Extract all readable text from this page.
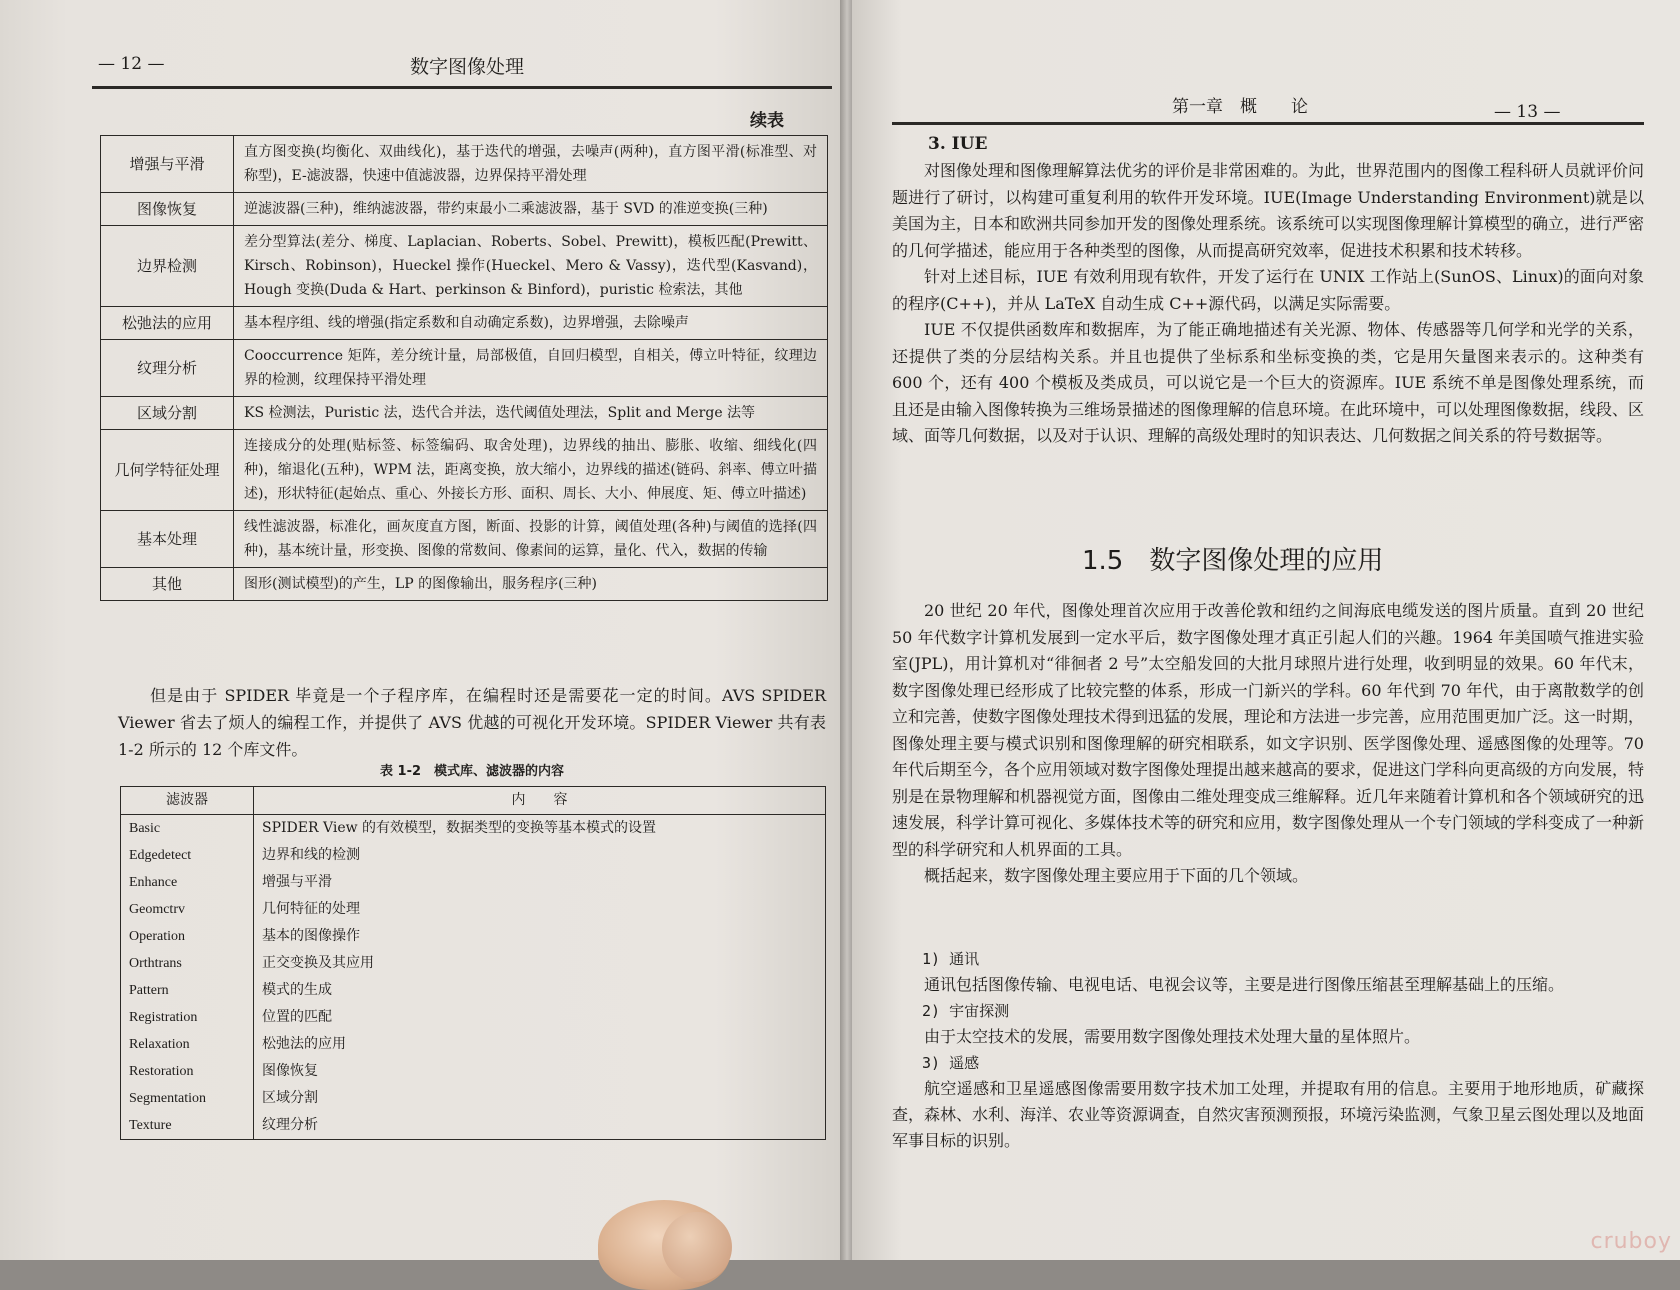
— 12 —	数字图像处理
续表
增强与平滑	直方图变换(均衡化、双曲线化)，基于迭代的增强，去噪声(两种)，直方图平滑(标准型、对称型)，E-滤波器，快速中值滤波器，边界保持平滑处理
图像恢复	逆滤波器(三种)，维纳滤波器，带约束最小二乘滤波器，基于 SVD 的准逆变换(三种)
边界检测	差分型算法(差分、梯度、Laplacian、Roberts、Sobel、Prewitt)，模板匹配(Prewitt、Kirsch、Robinson)，Hueckel 操作(Hueckel、Mero & Vassy)，迭代型(Kasvand)，Hough 变换(Duda & Hart、perkinson & Binford)，puristic 检索法，其他
松弛法的应用	基本程序组、线的增强(指定系数和自动确定系数)，边界增强，去除噪声
纹理分析	Cooccurrence 矩阵，差分统计量，局部极值，自回归模型，自相关，傅立叶特征，纹理边界的检测，纹理保持平滑处理
区域分割	KS 检测法，Puristic 法，迭代合并法，迭代阈值处理法，Split and Merge 法等
几何学特征处理	连接成分的处理(贴标签、标签编码、取舍处理)，边界线的抽出、膨胀、收缩、细线化(四种)，缩退化(五种)，WPM 法，距离变换，放大缩小，边界线的描述(链码、斜率、傅立叶描述)，形状特征(起始点、重心、外接长方形、面积、周长、大小、伸展度、矩、傅立叶描述)
基本处理	线性滤波器，标准化，画灰度直方图，断面、投影的计算，阈值处理(各种)与阈值的选择(四种)，基本统计量，形变换、图像的常数间、像素间的运算，量化、代入，数据的传输
其他	图形(测试模型)的产生，LP 的图像输出，服务程序(三种)

但是由于 SPIDER 毕竟是一个子程序库，在编程时还是需要花一定的时间。AVS SPIDER Viewer 省去了烦人的编程工作，并提供了 AVS 优越的可视化开发环境。SPIDER Viewer 共有表 1-2 所示的 12 个库文件。

表 1-2　模式库、滤波器的内容
滤波器	内　　容
Basic	SPIDER View 的有效模型，数据类型的变换等基本模式的设置
Edgedetect	边界和线的检测
Enhance	增强与平滑
Geomctrv	几何特征的处理
Operation	基本的图像操作
Orthtrans	正交变换及其应用
Pattern	模式的生成
Registration	位置的匹配
Relaxation	松弛法的应用
Restoration	图像恢复
Segmentation	区域分割
Texture	纹理分析
第一章　概　　论	— 13 —
3. IUE

对图像处理和图像理解算法优劣的评价是非常困难的。为此，世界范围内的图像工程科研人员就评价问题进行了研讨，以构建可重复利用的软件开发环境。IUE(Image Understanding Environment)就是以美国为主，日本和欧洲共同参加开发的图像处理系统。该系统可以实现图像理解计算模型的确立，进行严密的几何学描述，能应用于各种类型的图像，从而提高研究效率，促进技术积累和技术转移。

针对上述目标，IUE 有效利用现有软件，开发了运行在 UNIX 工作站上(SunOS、Linux)的面向对象的程序(C++)，并从 LaTeX 自动生成 C++源代码，以满足实际需要。

IUE 不仅提供函数库和数据库，为了能正确地描述有关光源、物体、传感器等几何学和光学的关系，还提供了类的分层结构关系。并且也提供了坐标系和坐标变换的类，它是用矢量图来表示的。这种类有 600 个，还有 400 个模板及类成员，可以说它是一个巨大的资源库。IUE 系统不单是图像处理系统，而且还是由输入图像转换为三维场景描述的图像理解的信息环境。在此环境中，可以处理图像数据，线段、区域、面等几何数据，以及对于认识、理解的高级处理时的知识表达、几何数据之间关系的符号数据等。

1.5　数字图像处理的应用

20 世纪 20 年代，图像处理首次应用于改善伦敦和纽约之间海底电缆发送的图片质量。直到 20 世纪 50 年代数字计算机发展到一定水平后，数字图像处理才真正引起人们的兴趣。1964 年美国喷气推进实验室(JPL)，用计算机对“徘徊者 2 号”太空船发回的大批月球照片进行处理，收到明显的效果。60 年代末，数字图像处理已经形成了比较完整的体系，形成一门新兴的学科。60 年代到 70 年代，由于离散数学的创立和完善，使数字图像处理技术得到迅猛的发展，理论和方法进一步完善，应用范围更加广泛。这一时期，图像处理主要与模式识别和图像理解的研究相联系，如文字识别、医学图像处理、遥感图像的处理等。70 年代后期至今，各个应用领域对数字图像处理提出越来越高的要求，促进这门学科向更高级的方向发展，特别是在景物理解和机器视觉方面，图像由二维处理变成三维解释。近几年来随着计算机和各个领域研究的迅速发展，科学计算可视化、多媒体技术等的研究和应用，数字图像处理从一个专门领域的学科变成了一种新型的科学研究和人机界面的工具。

概括起来，数字图像处理主要应用于下面的几个领域。

1) 通讯

通讯包括图像传输、电视电话、电视会议等，主要是进行图像压缩甚至理解基础上的压缩。

2) 宇宙探测

由于太空技术的发展，需要用数字图像处理技术处理大量的星体照片。

3) 遥感

航空遥感和卫星遥感图像需要用数字技术加工处理，并提取有用的信息。主要用于地形地质，矿藏探查，森林、水利、海洋、农业等资源调查，自然灾害预测预报，环境污染监测，气象卫星云图处理以及地面军事目标的识别。

cruboy
